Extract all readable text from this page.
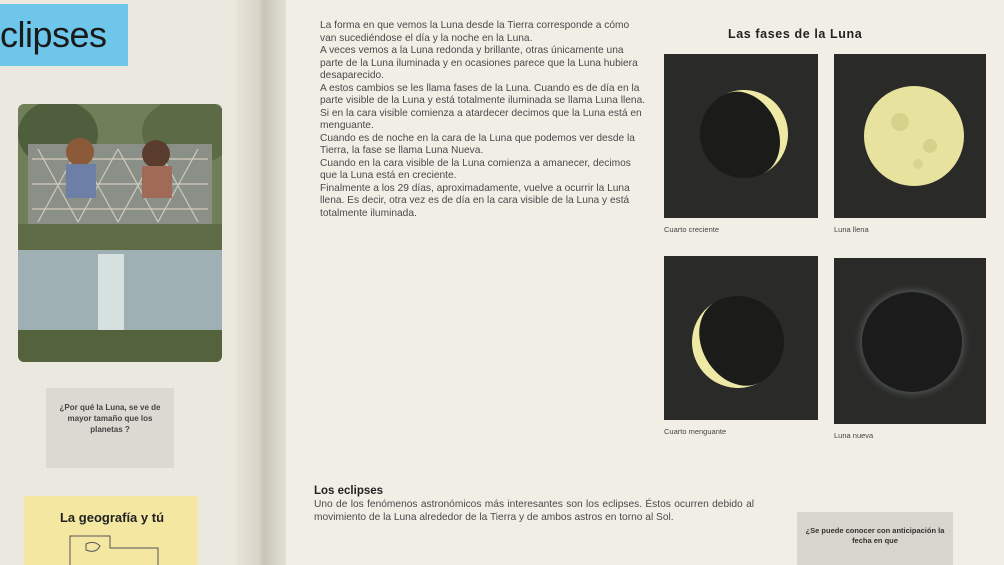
clipses
¿Por qué la Luna, se ve de mayor tamaño que los planetas ?
La geografía y tú

La forma en que vemos la Luna desde la Tierra corresponde a cómo van sucediéndose el día y la noche en la Luna.

A veces vemos a la Luna redonda y brillante, otras únicamente una parte de la Luna iluminada y en ocasiones parece que la Luna hubiera desaparecido.

A estos cambios se les llama fases de la Luna. Cuando es de día en la parte visible de la Luna y está totalmente iluminada se llama Luna llena.

Si en la cara visible comienza a atardecer decimos que la Luna está en menguante.

Cuando es de noche en la cara de la Luna que podemos ver desde la Tierra, la fase se llama Luna Nueva.

Cuando en la cara visible de la Luna comienza a amanecer, decimos que la Luna está en creciente.

Finalmente a los 29 días, aproximadamente, vuelve a ocurrir la Luna llena. Es decir, otra vez es de día en la cara visible de la Luna y está totalmente iluminada.

Los eclipses

Uno de los fenómenos astronómicos más interesantes son los eclipses. Éstos ocurren debido al movimiento de la Luna alrededor de la Tierra y de ambos astros en torno al Sol.

Las fases de la Luna
Cuarto creciente	Luna llena
Cuarto menguante	Luna nueva
¿Se puede conocer con anticipación la fecha en que
